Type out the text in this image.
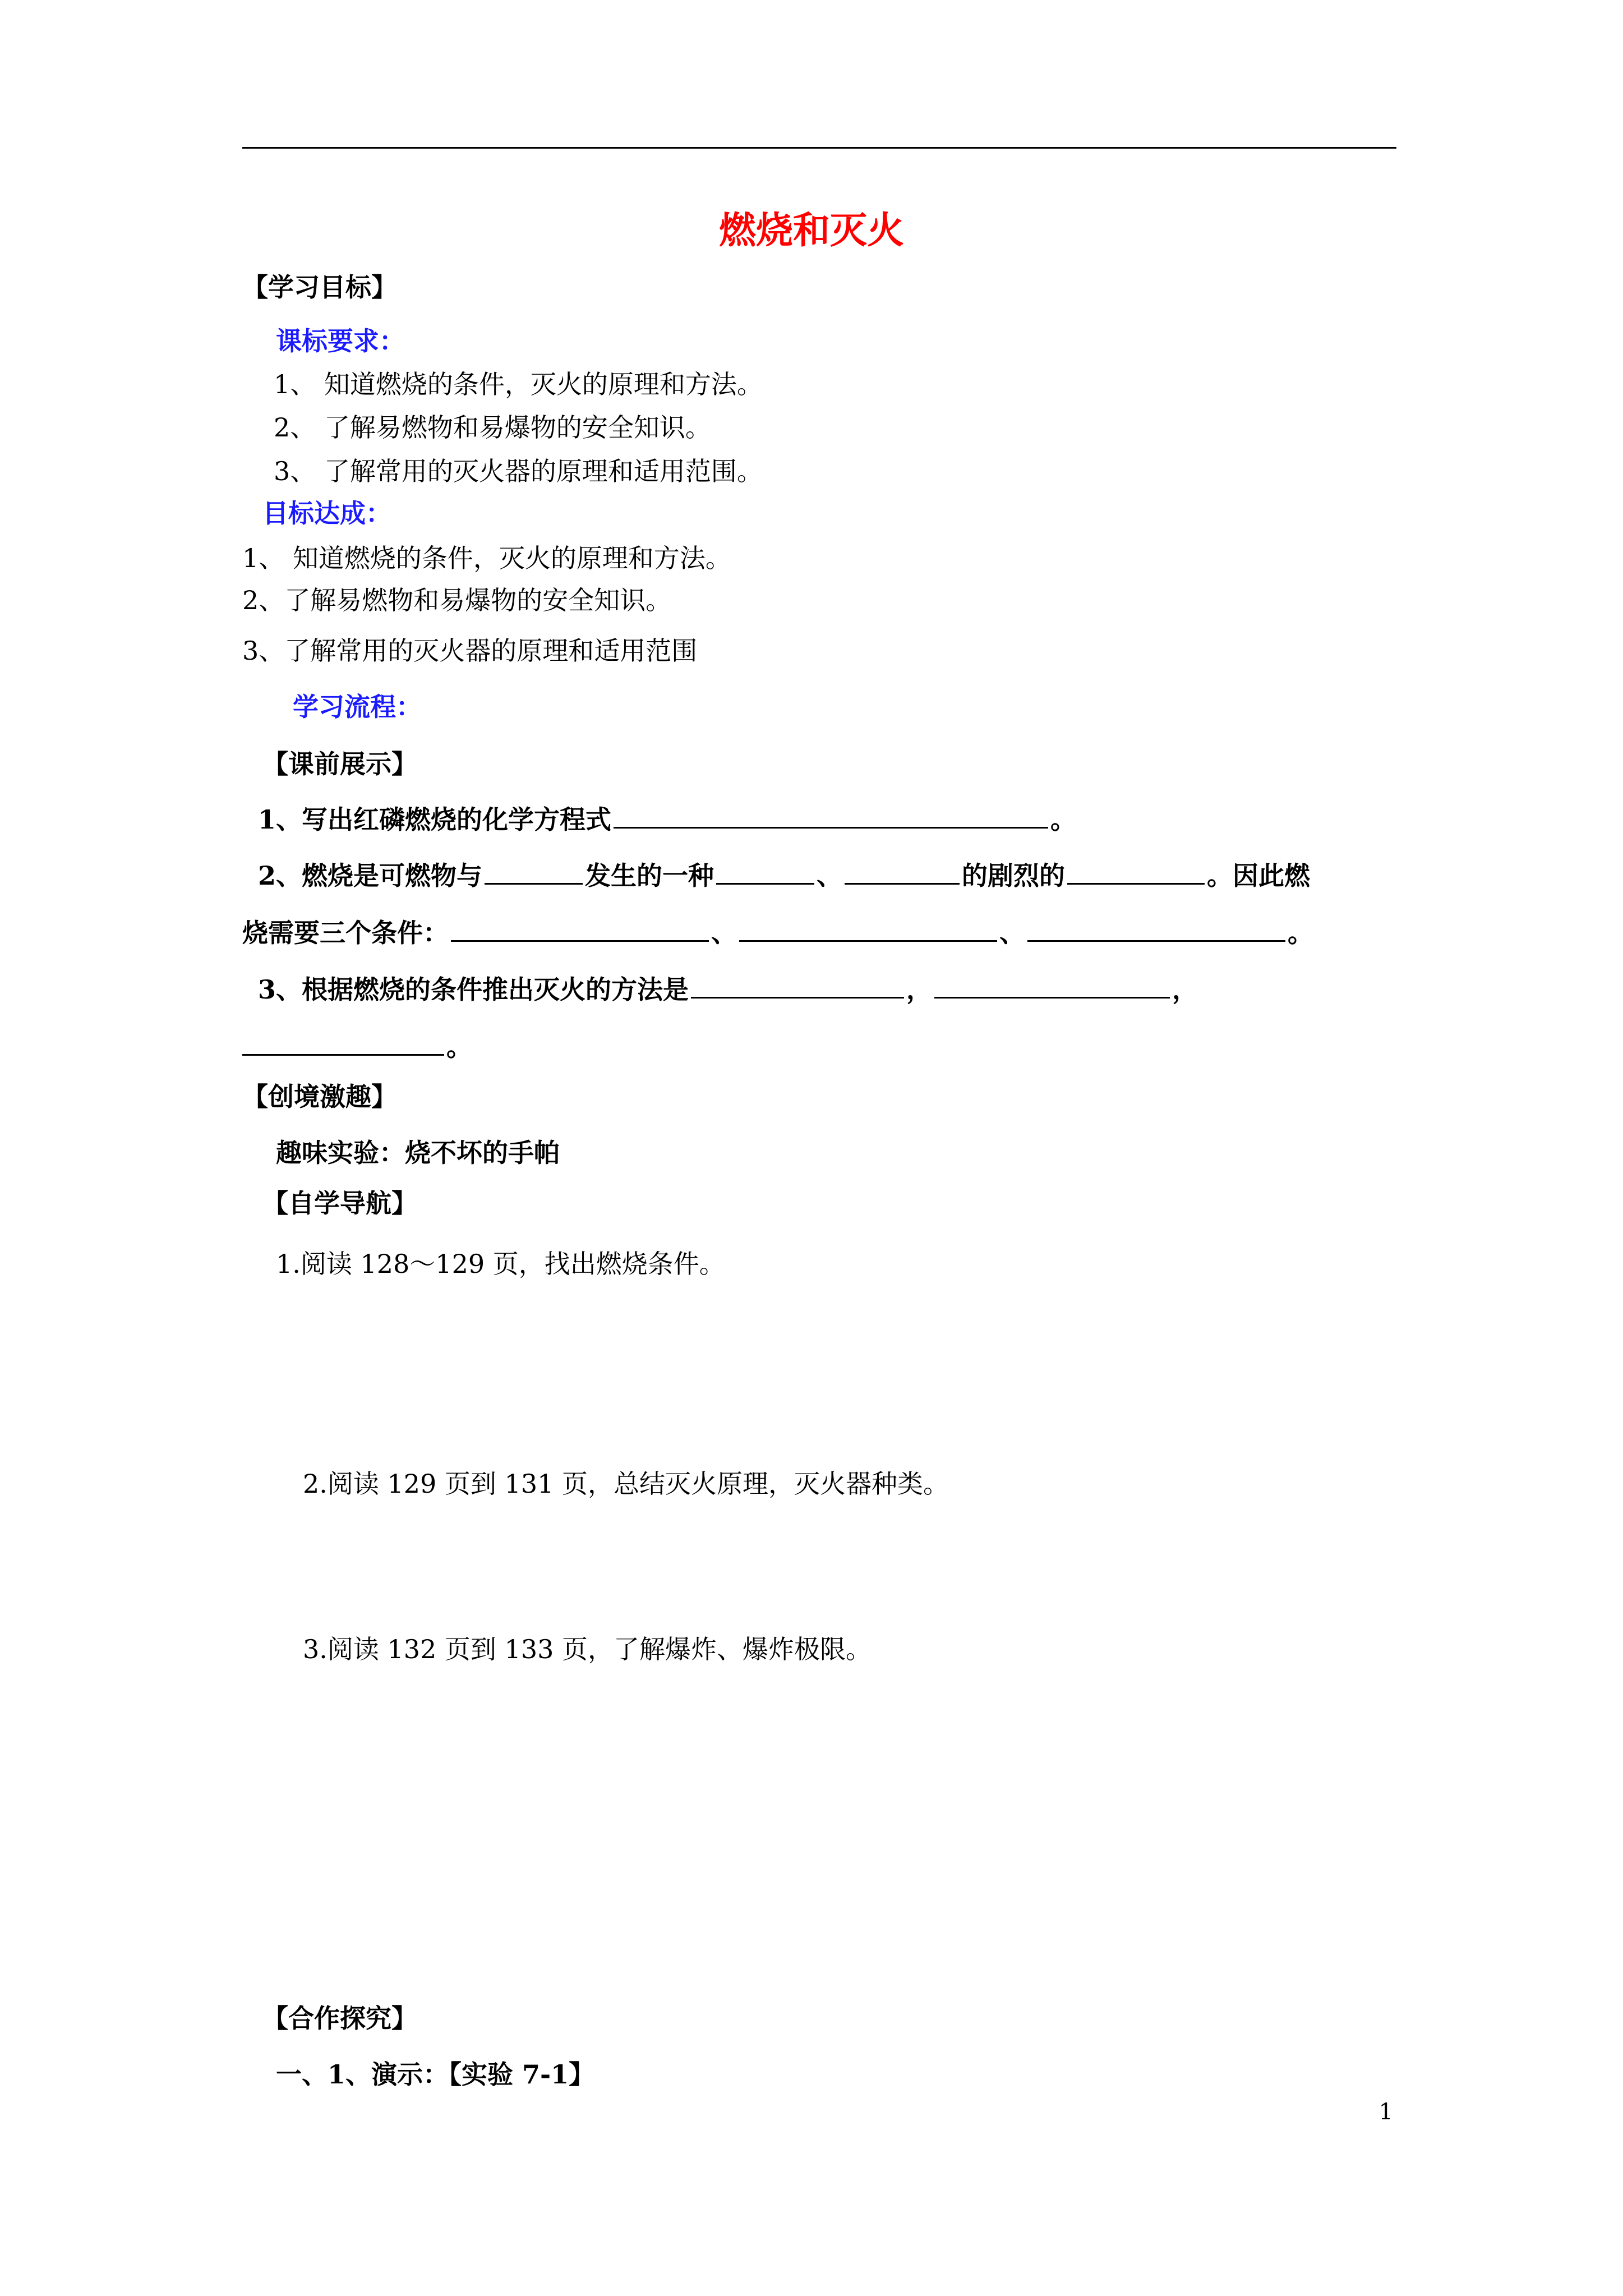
燃烧和灭火
【学习目标】
课标要求：
1、 知道燃烧的条件，灭火的原理和方法。
2、 了解易燃物和易爆物的安全知识。
3、 了解常用的灭火器的原理和适用范围。
目标达成：
1、 知道燃烧的条件，灭火的原理和方法。
2、了解易燃物和易爆物的安全知识。
3、了解常用的灭火器的原理和适用范围
学习流程：
【课前展示】
1、写出红磷燃烧的化学方程式	。
2、燃烧是可燃物与	发生的一种	、	的剧烈的	。因此燃
烧需要三个条件：	、	、	。
3、根据燃烧的条件推出灭火的方法是	，	，
。
【创境激趣】
趣味实验：烧不坏的手帕
【自学导航】
1.阅读 128～129 页，找出燃烧条件。
2.阅读 129 页到 131 页，总结灭火原理，灭火器种类。
3.阅读 132 页到 133 页，了解爆炸、爆炸极限。
【合作探究】
一、1、演示：【实验 7-1】
1
